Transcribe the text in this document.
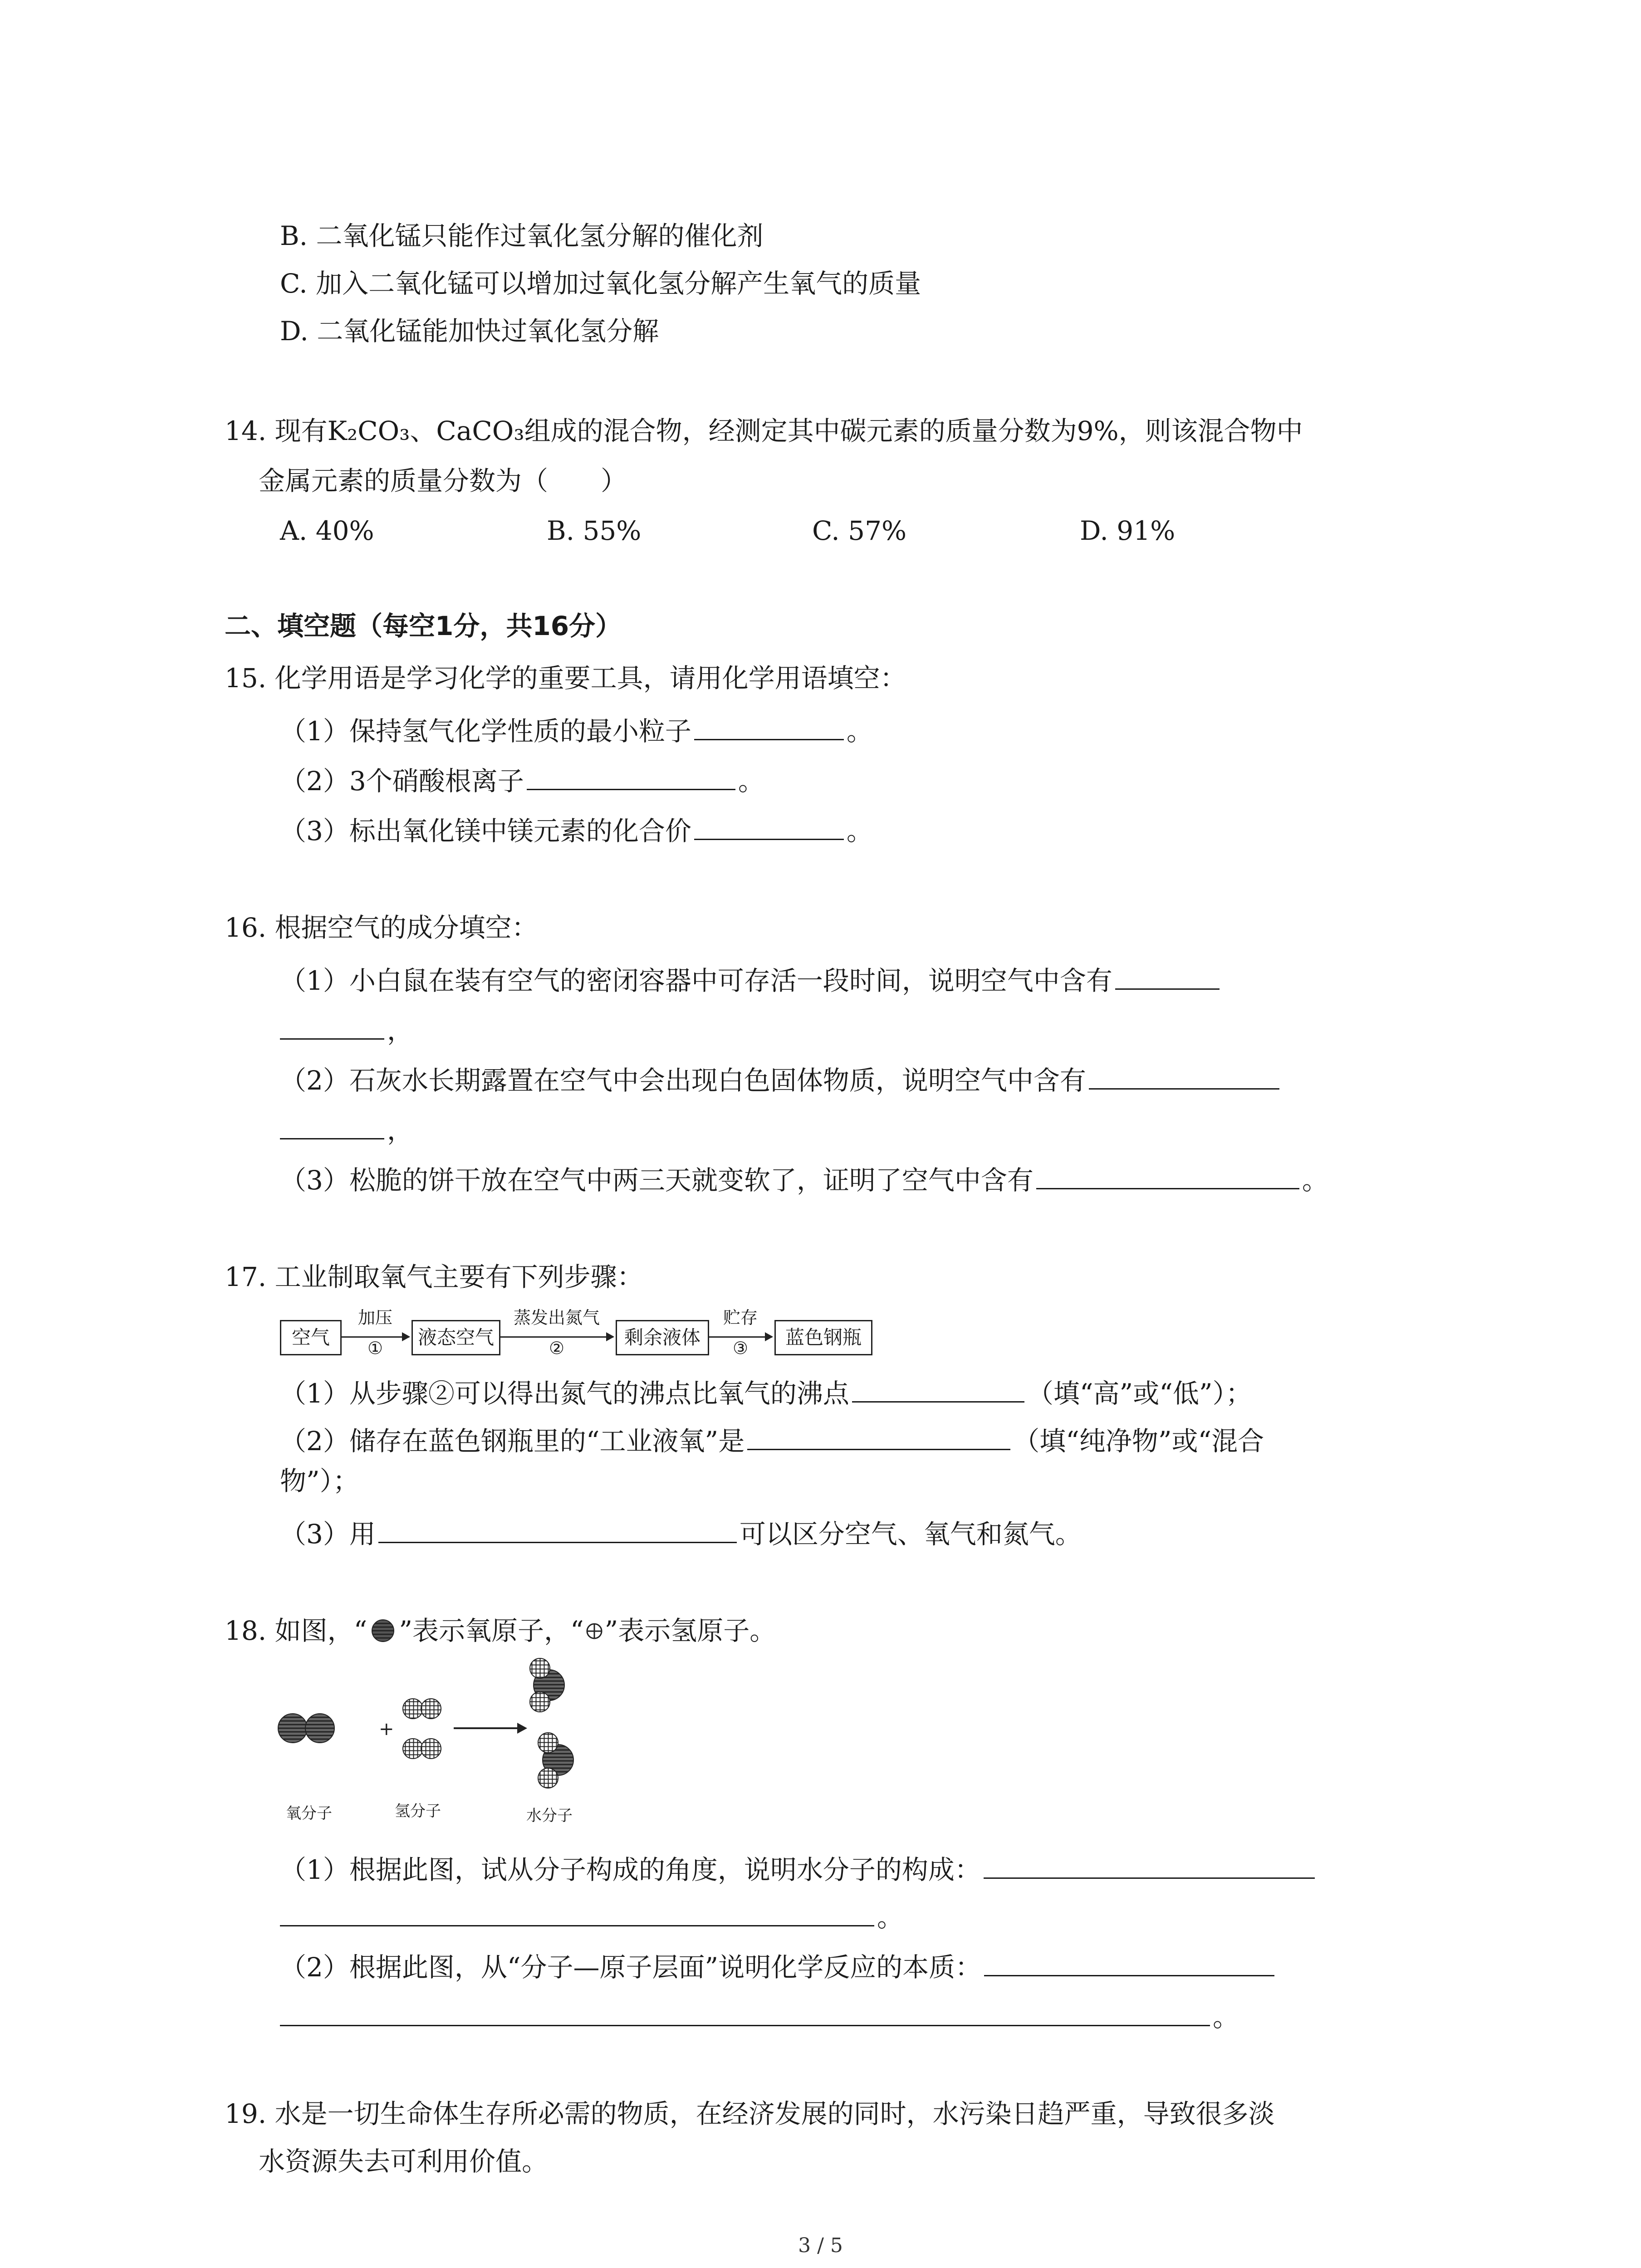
B. 二氧化锰只能作过氧化氢分解的催化剂
C. 加入二氧化锰可以增加过氧化氢分解产生氧气的质量
D. 二氧化锰能加快过氧化氢分解
14. 现有K₂CO₃、CaCO₃组成的混合物，经测定其中碳元素的质量分数为9%，则该混合物中
金属元素的质量分数为（　　）
A. 40%	B. 55%	C. 57%	D. 91%
二、填空题（每空1分，共16分）
15. 化学用语是学习化学的重要工具，请用化学用语填空：
（1）保持氢气化学性质的最小粒子	。
（2）3个硝酸根离子	。
（3）标出氧化镁中镁元素的化合价	。
16. 根据空气的成分填空：
（1）小白鼠在装有空气的密闭容器中可存活一段时间，说明空气中含有
，
（2）石灰水长期露置在空气中会出现白色固体物质，说明空气中含有
，
（3）松脆的饼干放在空气中两三天就变软了，证明了空气中含有	。
17. 工业制取氧气主要有下列步骤：
空气
加压
①	液态空气
蒸发出氮气
②	剩余液体
贮存
③	蓝色钢瓶
（1）从步骤②可以得出氮气的沸点比氧气的沸点	（填“高”或“低”）；
（2）储存在蓝色钢瓶里的“工业液氧”是	（填“纯净物”或“混合
物”）；
（3）用	可以区分空气、氧气和氮气。
18. 如图，“ ”表示氧原子，“ ”表示氢原子。
+
氧分子	氢分子	水分子
（1）根据此图，试从分子构成的角度，说明水分子的构成：
。
（2）根据此图，从“分子—原子层面”说明化学反应的本质：
。
19. 水是一切生命体生存所必需的物质，在经济发展的同时，水污染日趋严重，导致很多淡
水资源失去可利用价值。
3 / 5
